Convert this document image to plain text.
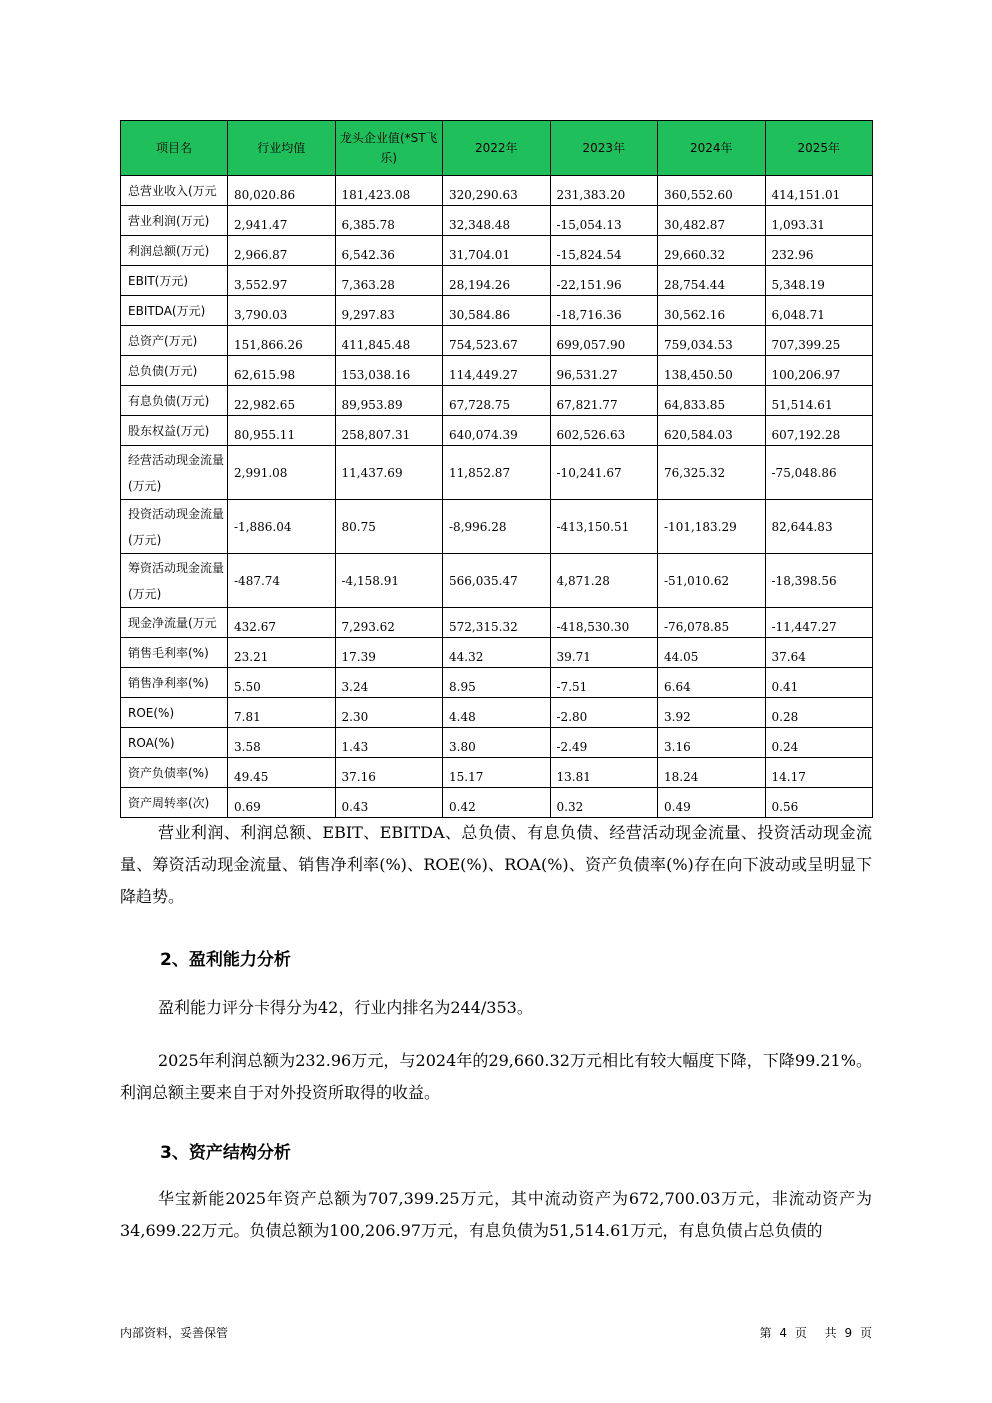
项目名	行业均值	龙头企业值(*ST飞乐)	2022年	2023年	2024年	2025年
总营业收入(万元	80,020.86	181,423.08	320,290.63	231,383.20	360,552.60	414,151.01
营业利润(万元)	2,941.47	6,385.78	32,348.48	-15,054.13	30,482.87	1,093.31
利润总额(万元)	2,966.87	6,542.36	31,704.01	-15,824.54	29,660.32	232.96
EBIT(万元)	3,552.97	7,363.28	28,194.26	-22,151.96	28,754.44	5,348.19
EBITDA(万元)	3,790.03	9,297.83	30,584.86	-18,716.36	30,562.16	6,048.71
总资产(万元)	151,866.26	411,845.48	754,523.67	699,057.90	759,034.53	707,399.25
总负债(万元)	62,615.98	153,038.16	114,449.27	96,531.27	138,450.50	100,206.97
有息负债(万元)	22,982.65	89,953.89	67,728.75	67,821.77	64,833.85	51,514.61
股东权益(万元)	80,955.11	258,807.31	640,074.39	602,526.63	620,584.03	607,192.28
经营活动现金流量(万元)	2,991.08	11,437.69	11,852.87	-10,241.67	76,325.32	-75,048.86
投资活动现金流量(万元)	-1,886.04	80.75	-8,996.28	-413,150.51	-101,183.29	82,644.83
筹资活动现金流量(万元)	-487.74	-4,158.91	566,035.47	4,871.28	-51,010.62	-18,398.56
现金净流量(万元	432.67	7,293.62	572,315.32	-418,530.30	-76,078.85	-11,447.27
销售毛利率(%)	23.21	17.39	44.32	39.71	44.05	37.64
销售净利率(%)	5.50	3.24	8.95	-7.51	6.64	0.41
ROE(%)	7.81	2.30	4.48	-2.80	3.92	0.28
ROA(%)	3.58	1.43	3.80	-2.49	3.16	0.24
资产负债率(%)	49.45	37.16	15.17	13.81	18.24	14.17
资产周转率(次)	0.69	0.43	0.42	0.32	0.49	0.56
营业利润、利润总额、EBIT、EBITDA、总负债、有息负债、经营活动现金流量、投资活动现金流量、筹资活动现金流量、销售净利率(%)、ROE(%)、ROA(%)、资产负债率(%)存在向下波动或呈明显下降趋势。
2、盈利能力分析
盈利能力评分卡得分为42，行业内排名为244/353。
2025年利润总额为232.96万元，与2024年的29,660.32万元相比有较大幅度下降，下降99.21%。利润总额主要来自于对外投资所取得的收益。
3、资产结构分析
华宝新能2025年资产总额为707,399.25万元，其中流动资产为672,700.03万元，非流动资产为34,699.22万元。负债总额为100,206.97万元，有息负债为51,514.61万元，有息负债占总负债的
内部资料，妥善保管	第 4 页 共 9 页
